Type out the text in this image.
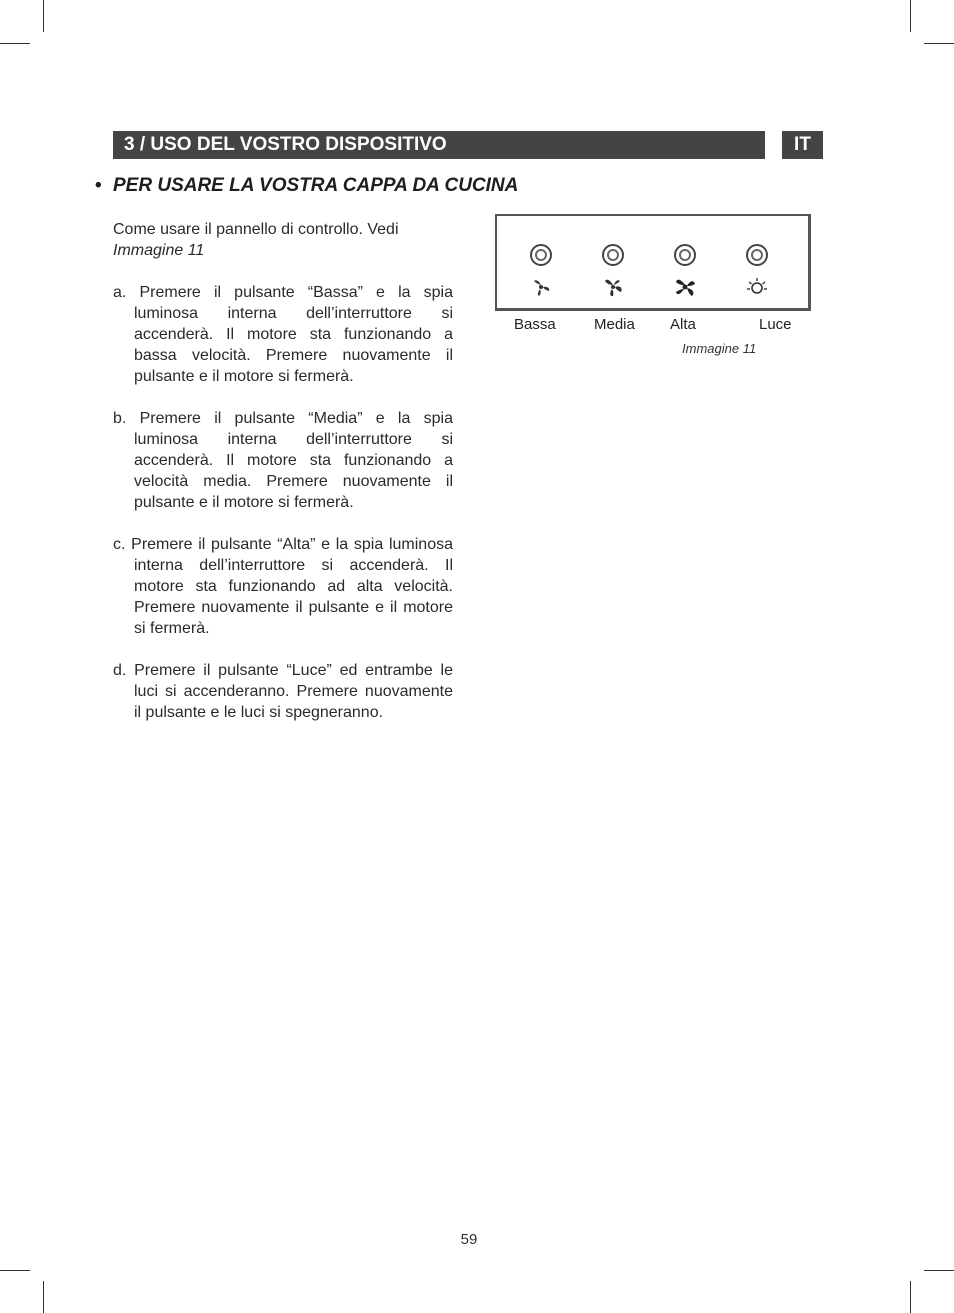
3 / USO DEL VOSTRO DISPOSITIVO	IT
• PER USARE LA VOSTRA CAPPA DA CUCINA

Come usare il pannello di controllo. Vedi
Immagine 11

a. Premere il pulsante “Bassa” e la spia luminosa interna dell’interruttore si accenderà. Il motore sta funzionando a bassa velocità. Premere nuovamente il pulsante e il motore si fermerà.

b. Premere il pulsante “Media” e la spia luminosa interna dell’interruttore si accenderà. Il motore sta funzionando a velocità media. Premere nuovamente il pulsante e il motore si fermerà.

c. Premere il pulsante “Alta” e la spia luminosa interna dell’interruttore si accenderà. Il motore sta funzionando ad alta velocità. Premere nuovamente il pulsante e il motore si fermerà.

d. Premere il pulsante “Luce” ed entrambe le luci si accenderanno. Premere nuovamente il pulsante e le luci si spegneranno.

Bassa	Media Alta	Luce
Immagine 11
59
